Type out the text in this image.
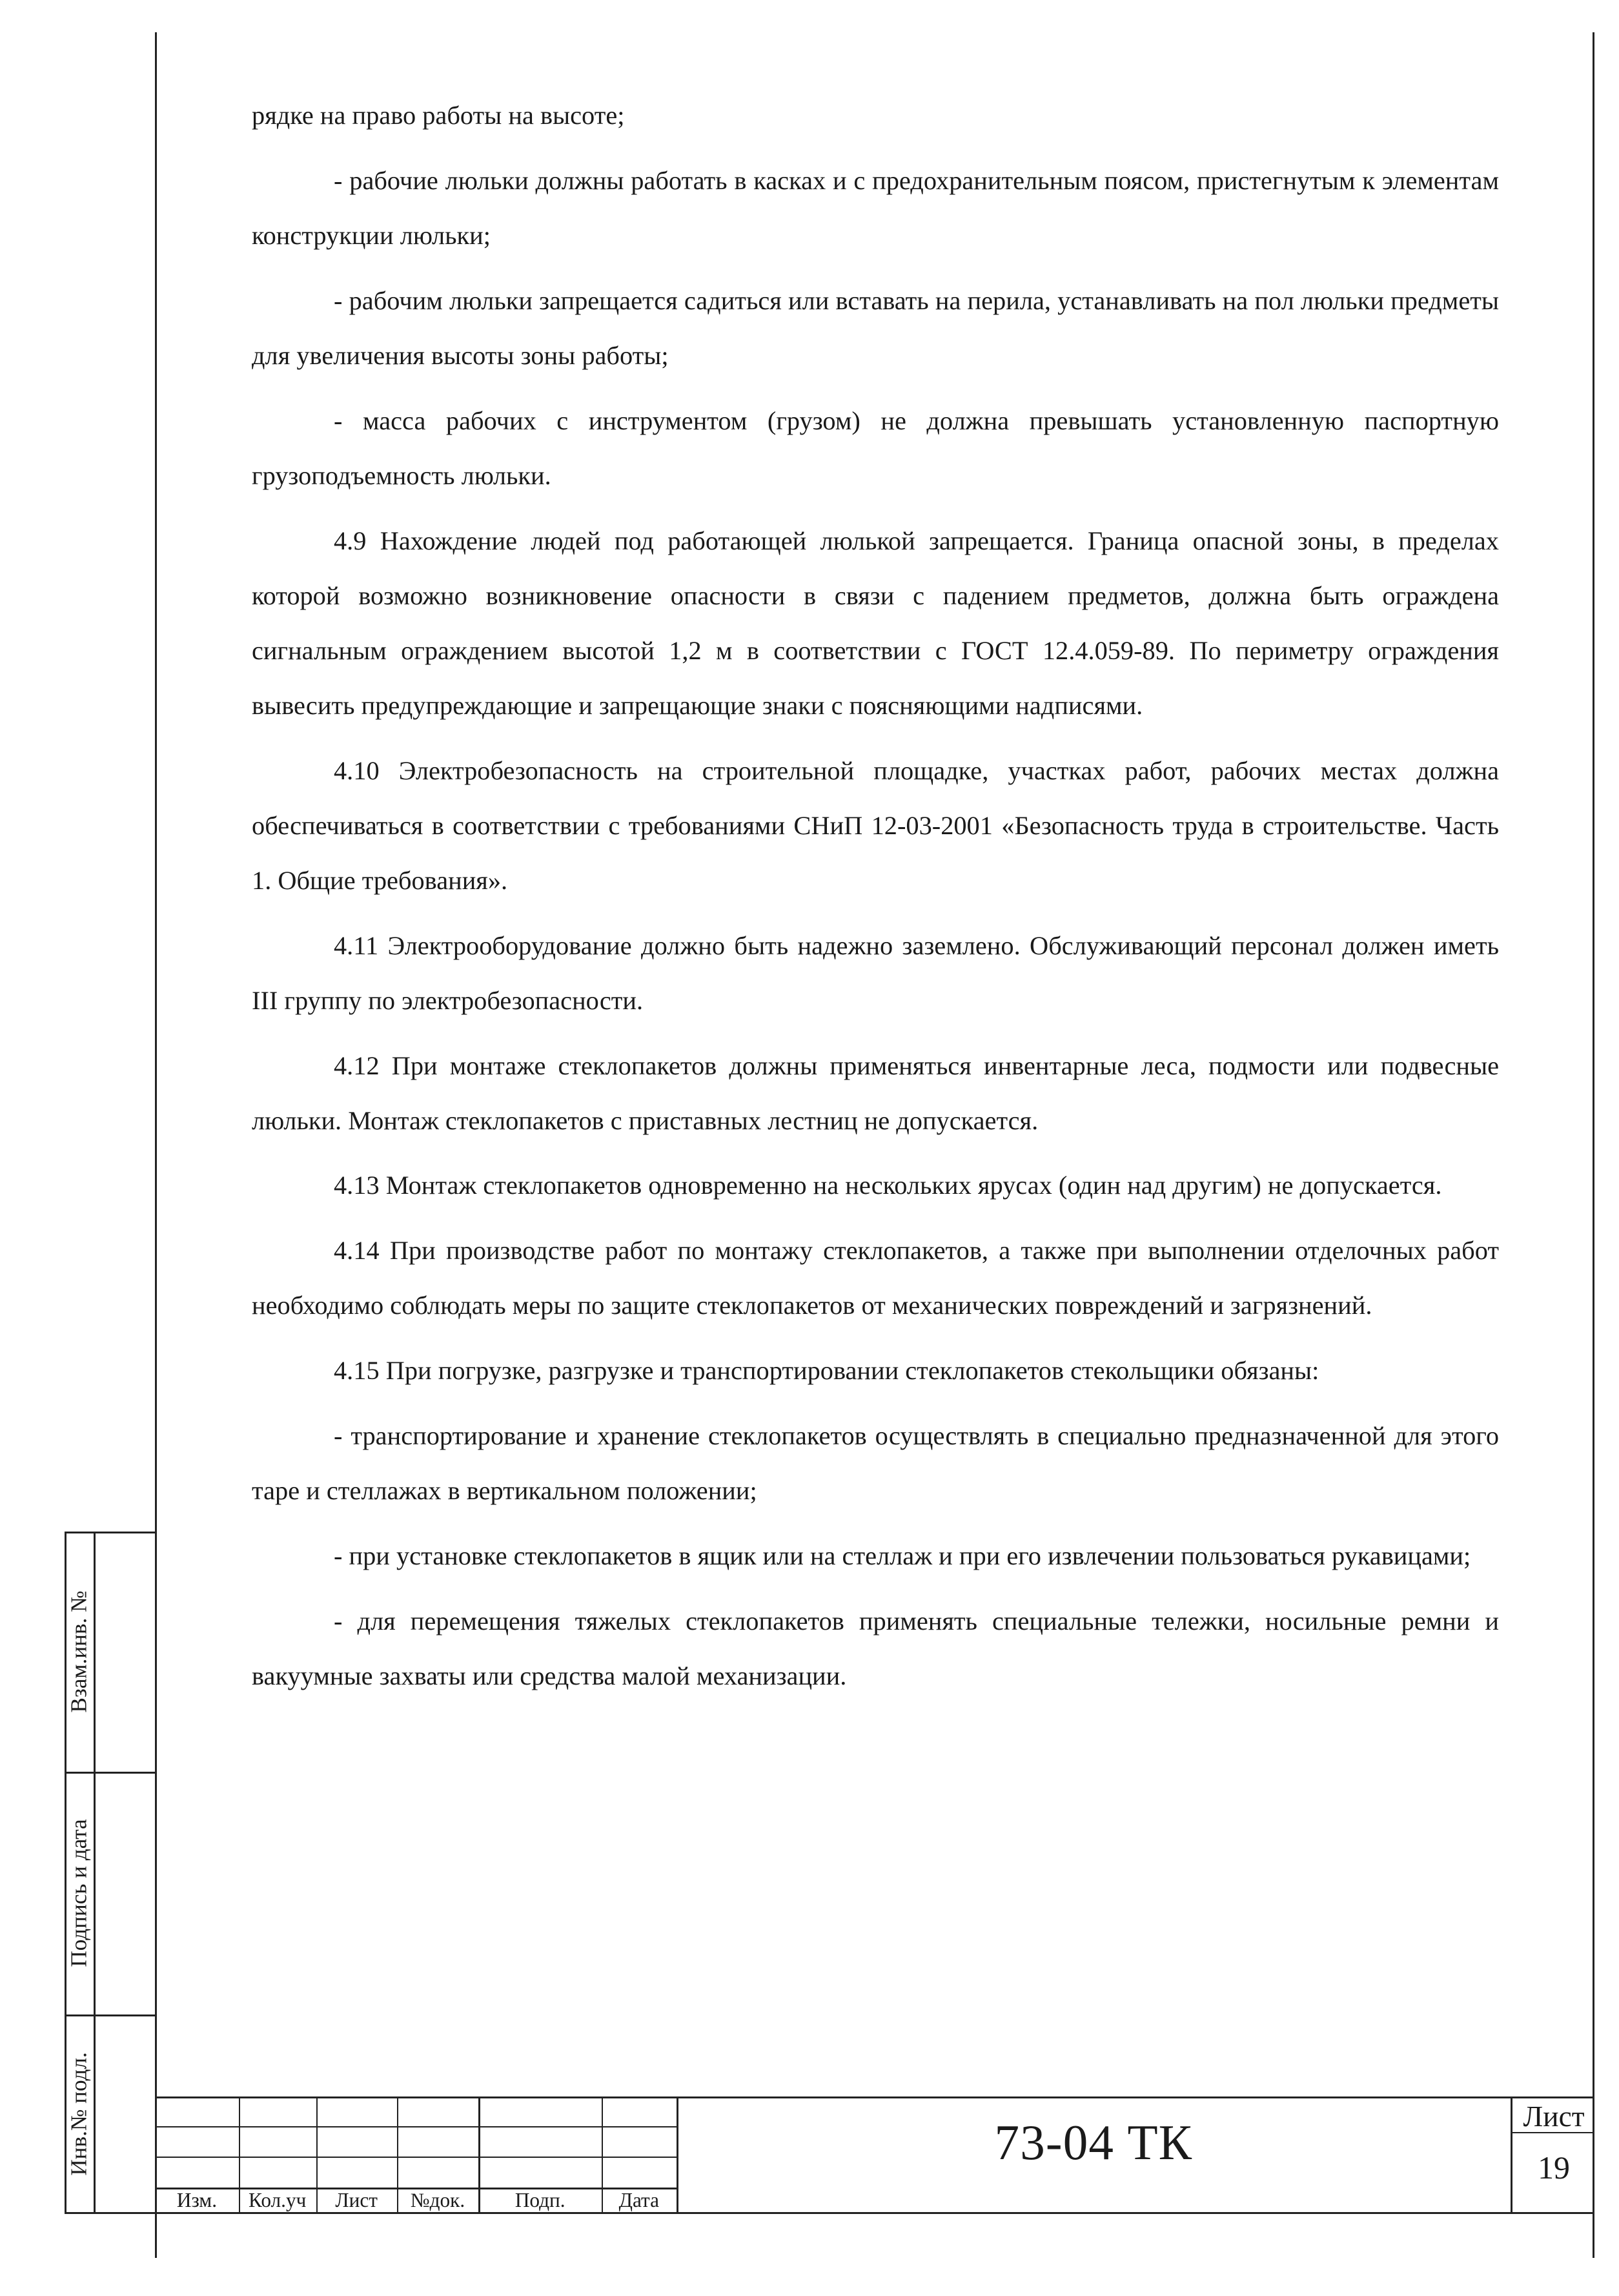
рядке на право работы на высоте;

- рабочие люльки должны работать в касках и с предохранительным поясом, пристегнутым к элементам конструкции люльки;

- рабочим люльки запрещается садиться или вставать на перила, устанавливать на пол люльки предметы для увеличения высоты зоны работы;

- масса рабочих с инструментом (грузом) не должна превышать установленную паспортную грузоподъемность люльки.

4.9 Нахождение людей под работающей люлькой запрещается. Граница опасной зоны, в пределах которой возможно возникновение опасности в связи с падением предметов, должна быть ограждена сигнальным ограждением высотой 1,2 м в соответствии с ГОСТ 12.4.059-89. По периметру ограждения вывесить предупреждающие и запрещающие знаки с поясняющими надписями.

4.10 Электробезопасность на строительной площадке, участках работ, рабочих местах должна обеспечиваться в соответствии с требованиями СНиП 12-03-2001 «Безопасность труда в строительстве. Часть 1. Общие требования».

4.11 Электрооборудование должно быть надежно заземлено. Обслуживающий персонал должен иметь III группу по электробезопасности.

4.12 При монтаже стеклопакетов должны применяться инвентарные леса, подмости или подвесные люльки. Монтаж стеклопакетов с приставных лестниц не допускается.

4.13 Монтаж стеклопакетов одновременно на нескольких ярусах (один над другим) не допускается.

4.14 При производстве работ по монтажу стеклопакетов, а также при выполнении отделочных работ необходимо соблюдать меры по защите стеклопакетов от механических повреждений и загрязнений.

4.15 При погрузке, разгрузке и транспортировании стеклопакетов стекольщики обязаны:

- транспортирование и хранение стеклопакетов осуществлять в специально предназначенной для этого таре и стеллажах в вертикальном положении;

- при установке стеклопакетов в ящик или на стеллаж и при его извлечении пользоваться рукавицами;

- для перемещения тяжелых стеклопакетов применять специальные тележки, носильные ремни и вакуумные захваты или средства малой механизации.

Взам.инв. №
Подпись и дата
Инв.№ подл.
Изм.	Кол.уч	Лист	№док.	Подп.	Дата
73-04 ТК	Лист
19
